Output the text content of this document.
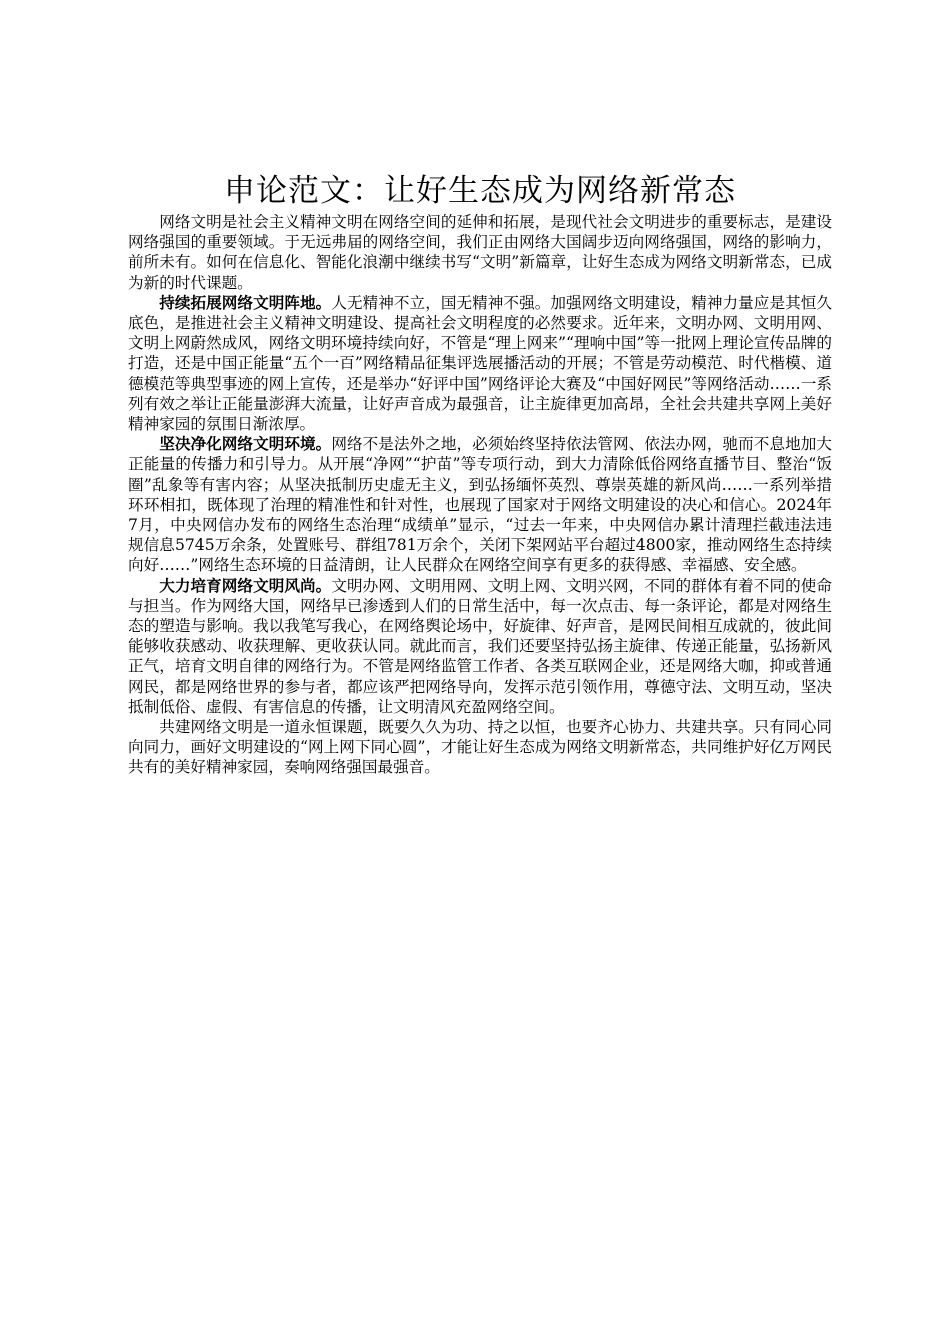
申论范文：让好生态成为网络新常态

网络文明是社会主义精神文明在网络空间的延伸和拓展，是现代社会文明进步的重要标志，是建设网络强国的重要领域。于无远弗届的网络空间，我们正由网络大国阔步迈向网络强国，网络的影响力，前所未有。如何在信息化、智能化浪潮中继续书写“文明”新篇章，让好生态成为网络文明新常态，已成为新的时代课题。

持续拓展网络文明阵地。人无精神不立，国无精神不强。加强网络文明建设，精神力量应是其恒久底色，是推进社会主义精神文明建设、提高社会文明程度的必然要求。近年来，文明办网、文明用网、文明上网蔚然成风，网络文明环境持续向好，不管是“理上网来”“理响中国”等一批网上理论宣传品牌的打造，还是中国正能量“五个一百”网络精品征集评选展播活动的开展；不管是劳动模范、时代楷模、道德模范等典型事迹的网上宣传，还是举办“好评中国”网络评论大赛及“中国好网民”等网络活动……一系列有效之举让正能量澎湃大流量，让好声音成为最强音，让主旋律更加高昂，全社会共建共享网上美好精神家园的氛围日渐浓厚。

坚决净化网络文明环境。网络不是法外之地，必须始终坚持依法管网、依法办网，驰而不息地加大正能量的传播力和引导力。从开展“净网”“护苗”等专项行动，到大力清除低俗网络直播节目、整治“饭圈”乱象等有害内容；从坚决抵制历史虚无主义，到弘扬缅怀英烈、尊崇英雄的新风尚……一系列举措环环相扣，既体现了治理的精准性和针对性，也展现了国家对于网络文明建设的决心和信心。2024年7月，中央网信办发布的网络生态治理“成绩单”显示，“过去一年来，中央网信办累计清理拦截违法违规信息5745万余条，处置账号、群组781万余个，关闭下架网站平台超过4800家，推动网络生态持续向好……”网络生态环境的日益清朗，让人民群众在网络空间享有更多的获得感、幸福感、安全感。

大力培育网络文明风尚。文明办网、文明用网、文明上网、文明兴网，不同的群体有着不同的使命与担当。作为网络大国，网络早已渗透到人们的日常生活中，每一次点击、每一条评论，都是对网络生态的塑造与影响。我以我笔写我心，在网络舆论场中，好旋律、好声音，是网民间相互成就的，彼此间能够收获感动、收获理解、更收获认同。就此而言，我们还要坚持弘扬主旋律、传递正能量，弘扬新风正气，培育文明自律的网络行为。不管是网络监管工作者、各类互联网企业，还是网络大咖，抑或普通网民，都是网络世界的参与者，都应该严把网络导向，发挥示范引领作用，尊德守法、文明互动，坚决抵制低俗、虚假、有害信息的传播，让文明清风充盈网络空间。

共建网络文明是一道永恒课题，既要久久为功、持之以恒，也要齐心协力、共建共享。只有同心同向同力，画好文明建设的“网上网下同心圆”，才能让好生态成为网络文明新常态，共同维护好亿万网民共有的美好精神家园，奏响网络强国最强音。
